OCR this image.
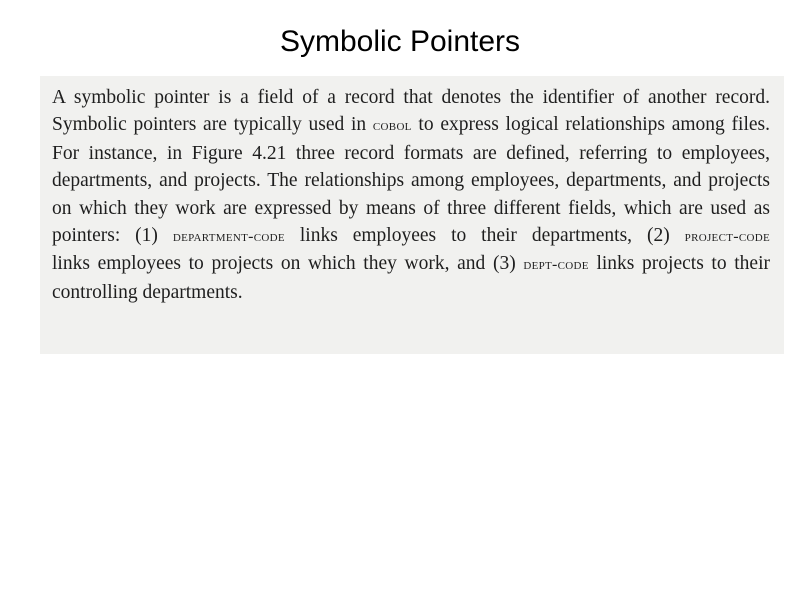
Symbolic Pointers
A symbolic pointer is a field of a record that denotes the identifier of another record.
Symbolic pointers are typically used in cobol to express logical relationships among files.
For instance, in Figure 4.21 three record formats are defined, referring to employees,
departments, and projects. The relationships among employees, departments, and projects
on which they work are expressed by means of three different fields, which are used as
pointers: (1) department-code links employees to their departments, (2) project-code
links employees to projects on which they work, and (3) dept-code links projects to their
controlling departments.
